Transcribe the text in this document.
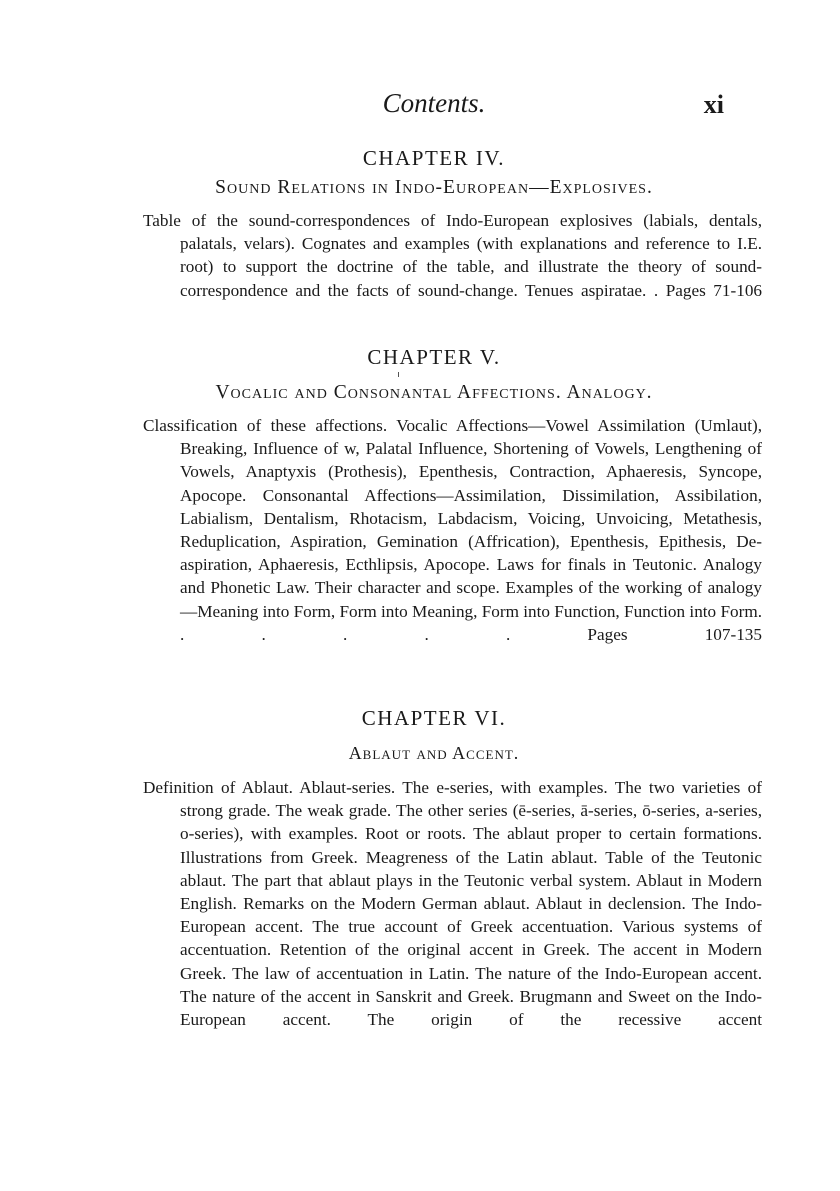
Contents.	xi
CHAPTER IV.
Sound Relations in Indo-European—Explosives.

Table of the sound-correspondences of Indo-European explosives (labials, dentals, palatals, velars). Cognates and examples (with explanations and reference to I.E. root) to support the doctrine of the table, and illustrate the theory of sound-correspondence and the facts of sound-change. Tenues aspiratae. . Pages 71-106

CHAPTER V.
Vocalic and Consonantal Affections. Analogy.

Classification of these affections. Vocalic Affections—Vowel Assimilation (Umlaut), Breaking, Influence of w, Palatal Influence, Shortening of Vowels, Lengthening of Vowels, Anaptyxis (Prothesis), Epenthesis, Contraction, Aphaeresis, Syncope, Apocope. Consonantal Affections—Assimilation, Dissimilation, Assibilation, Labialism, Dentalism, Rhotacism, Labdacism, Voicing, Unvoicing, Metathesis, Reduplication, Aspiration, Gemination (Affrication), Epenthesis, Epithesis, De-aspiration, Aphaeresis, Ecthlipsis, Apocope. Laws for finals in Teutonic. Analogy and Phonetic Law. Their character and scope. Examples of the working of analogy —Meaning into Form, Form into Meaning, Form into Function, Function into Form. . . . . .	Pages 107-135

CHAPTER VI.
Ablaut and Accent.

Definition of Ablaut. Ablaut-series. The e-series, with examples. The two varieties of strong grade. The weak grade. The other series (ē-series, ā-series, ō-series, a-series, o-series), with examples. Root or roots. The ablaut proper to certain formations. Illustrations from Greek. Meagreness of the Latin ablaut. Table of the Teutonic ablaut. The part that ablaut plays in the Teutonic verbal system. Ablaut in Modern English. Remarks on the Modern German ablaut. Ablaut in declension. The Indo-European accent. The true account of Greek accentuation. Various systems of accentuation. Retention of the original accent in Greek. The accent in Modern Greek. The law of accentuation in Latin. The nature of the Indo-European accent. The nature of the accent in Sanskrit and Greek. Brugmann and Sweet on the Indo-European accent. The origin of the recessive accent
